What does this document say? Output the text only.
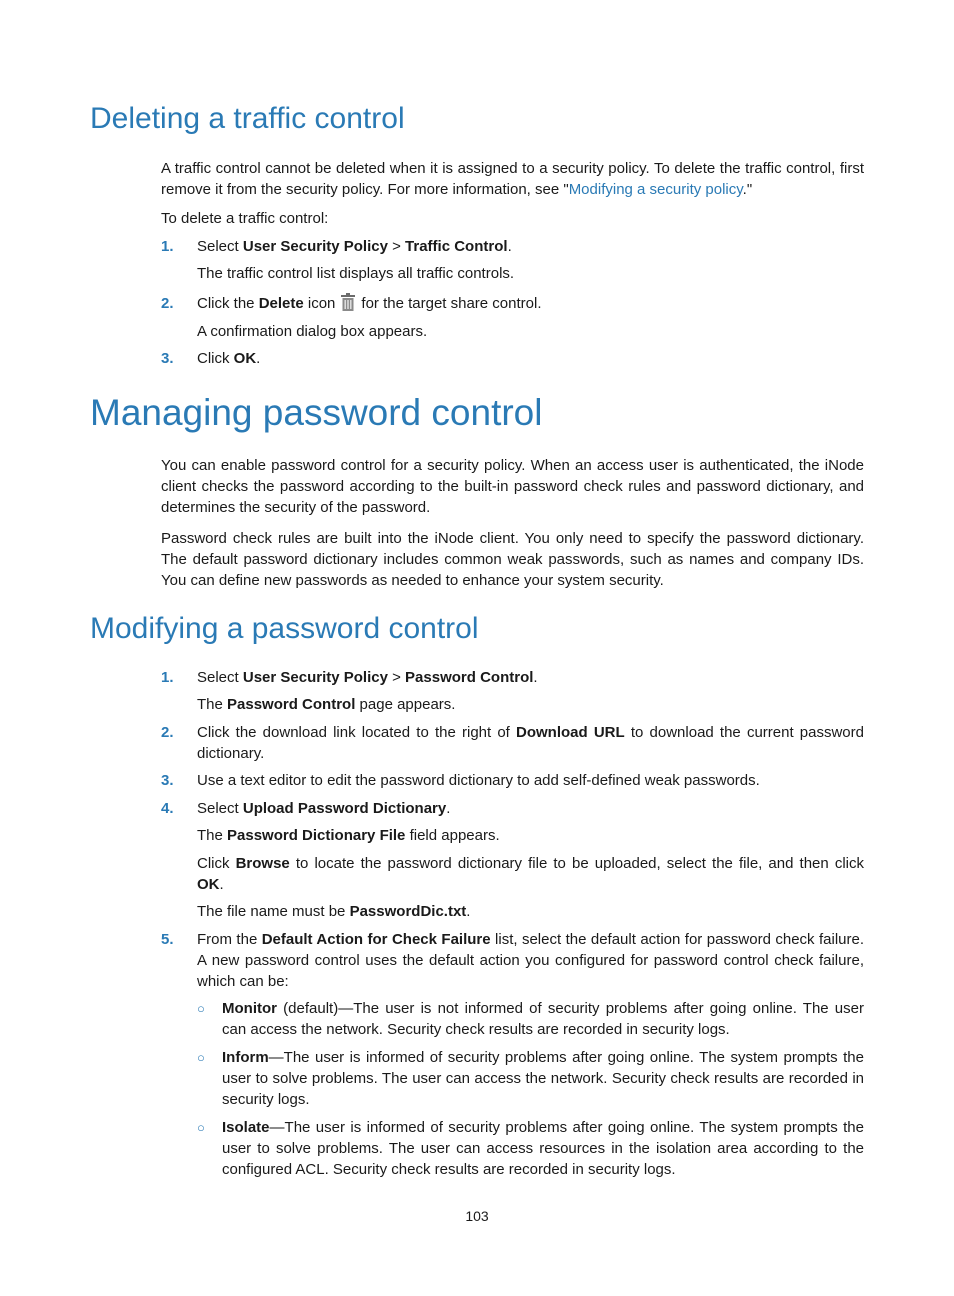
Deleting a traffic control

A traffic control cannot be deleted when it is assigned to a security policy. To delete the traffic control, first remove it from the security policy. For more information, see "Modifying a security policy."

To delete a traffic control:

1. Select User Security Policy > Traffic Control.

The traffic control list displays all traffic controls.

2. Click the Delete icon for the target share control.

A confirmation dialog box appears.

3. Click OK.

Managing password control

You can enable password control for a security policy. When an access user is authenticated, the iNode client checks the password according to the built-in password check rules and password dictionary, and determines the security of the password.

Password check rules are built into the iNode client. You only need to specify the password dictionary. The default password dictionary includes common weak passwords, such as names and company IDs. You can define new passwords as needed to enhance your system security.

Modifying a password control
1. Select User Security Policy > Password Control.

The Password Control page appears.

2. Click the download link located to the right of Download URL to download the current password dictionary.

3. Use a text editor to edit the password dictionary to add self-defined weak passwords.

4. Select Upload Password Dictionary.

The Password Dictionary File field appears.

Click Browse to locate the password dictionary file to be uploaded, select the file, and then click OK.

The file name must be PasswordDic.txt.

5. From the Default Action for Check Failure list, select the default action for password check failure. A new password control uses the default action you configured for password control check failure, which can be:

○ Monitor (default)—The user is not informed of security problems after going online. The user can access the network. Security check results are recorded in security logs.

○ Inform—The user is informed of security problems after going online. The system prompts the user to solve problems. The user can access the network. Security check results are recorded in security logs.

○ Isolate—The user is informed of security problems after going online. The system prompts the user to solve problems. The user can access resources in the isolation area according to the configured ACL. Security check results are recorded in security logs.

103
